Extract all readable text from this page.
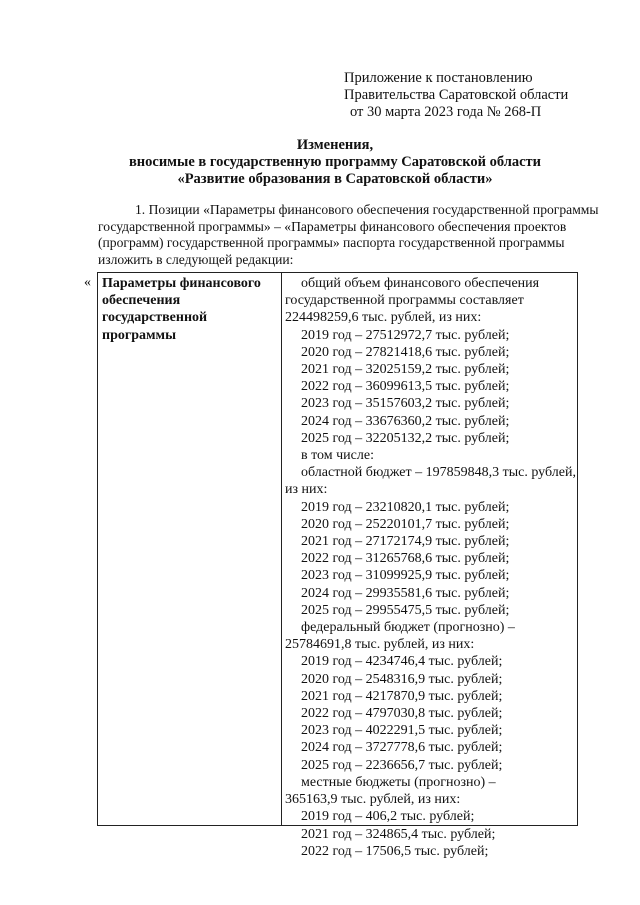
Приложение к постановлению
Правительства Саратовской области
от 30 марта 2023 года № 268-П
Изменения,
вносимые в государственную программу Саратовской области
«Развитие образования в Саратовской области»
1. Позиции «Параметры финансового обеспечения государственной программы
государственной программы» – «Параметры финансового обеспечения проектов
(программ) государственной программы» паспорта государственной программы
изложить в следующей редакции:
« Параметры финансового
обеспечения
государственной
программы
общий объем финансового обеспечения
государственной программы составляет
224498259,6 тыс. рублей, из них:
2019 год – 27512972,7 тыс. рублей;
2020 год – 27821418,6 тыс. рублей;
2021 год – 32025159,2 тыс. рублей;
2022 год – 36099613,5 тыс. рублей;
2023 год – 35157603,2 тыс. рублей;
2024 год – 33676360,2 тыс. рублей;
2025 год – 32205132,2 тыс. рублей;
в том числе:
областной бюджет – 197859848,3 тыс. рублей,
из них:
2019 год – 23210820,1 тыс. рублей;
2020 год – 25220101,7 тыс. рублей;
2021 год – 27172174,9 тыс. рублей;
2022 год – 31265768,6 тыс. рублей;
2023 год – 31099925,9 тыс. рублей;
2024 год – 29935581,6 тыс. рублей;
2025 год – 29955475,5 тыс. рублей;
федеральный бюджет (прогнозно) –
25784691,8 тыс. рублей, из них:
2019 год – 4234746,4 тыс. рублей;
2020 год – 2548316,9 тыс. рублей;
2021 год – 4217870,9 тыс. рублей;
2022 год – 4797030,8 тыс. рублей;
2023 год – 4022291,5 тыс. рублей;
2024 год – 3727778,6 тыс. рублей;
2025 год – 2236656,7 тыс. рублей;
местные бюджеты (прогнозно) –
365163,9 тыс. рублей, из них:
2019 год – 406,2 тыс. рублей;
2021 год – 324865,4 тыс. рублей;
2022 год – 17506,5 тыс. рублей;
